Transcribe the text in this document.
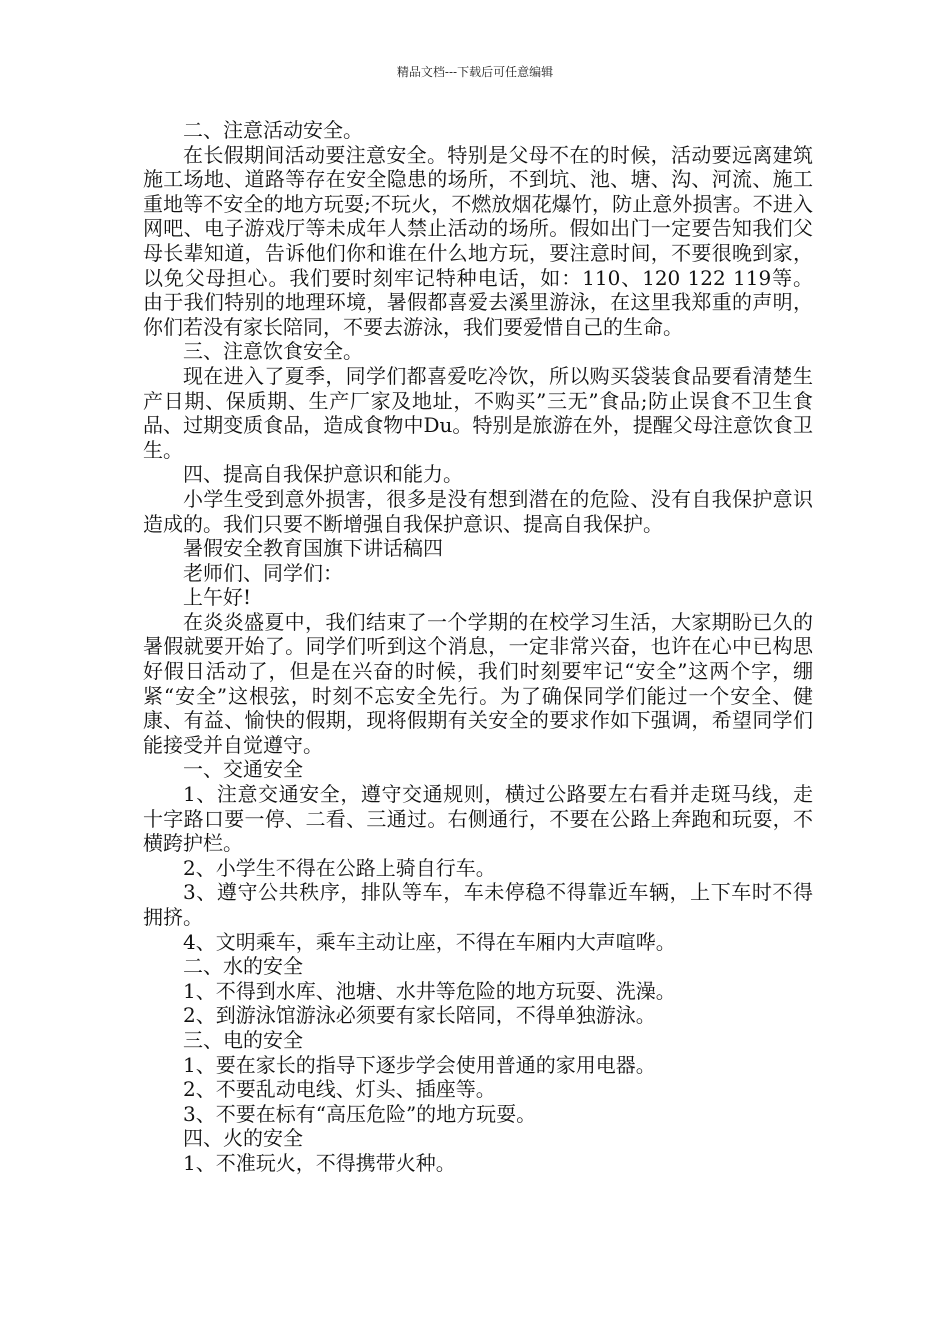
精品文档---下载后可任意编辑

二、注意活动安全。

在长假期间活动要注意安全。特别是父母不在的时候，活动要远离建筑施工场地、道路等存在安全隐患的场所，不到坑、池、塘、沟、河流、施工重地等不安全的地方玩耍;不玩火，不燃放烟花爆竹，防止意外损害。不进入网吧、电子游戏厅等未成年人禁止活动的场所。假如出门一定要告知我们父母长辈知道，告诉他们你和谁在什么地方玩，要注意时间，不要很晚到家，以免父母担心。我们要时刻牢记特种电话，如：110、120 122 119等。 由于我们特别的地理环境，暑假都喜爱去溪里游泳，在这里我郑重的声明，你们若没有家长陪同，不要去游泳，我们要爱惜自己的生命。

三、注意饮食安全。

现在进入了夏季，同学们都喜爱吃冷饮，所以购买袋装食品要看清楚生产日期、保质期、生产厂家及地址，不购买”三无”食品;防止误食不卫生食品、过期变质食品，造成食物中Du。特别是旅游在外，提醒父母注意饮食卫生。

四、提高自我保护意识和能力。

小学生受到意外损害，很多是没有想到潜在的危险、没有自我保护意识造成的。我们只要不断增强自我保护意识、提高自我保护。

暑假安全教育国旗下讲话稿四

老师们、同学们：

上午好!

在炎炎盛夏中，我们结束了一个学期的在校学习生活，大家期盼已久的暑假就要开始了。同学们听到这个消息，一定非常兴奋，也许在心中已构思好假日活动了，但是在兴奋的时候，我们时刻要牢记“安全”这两个字，绷紧“安全”这根弦，时刻不忘安全先行。为了确保同学们能过一个安全、健康、有益、愉快的假期，现将假期有关安全的要求作如下强调，希望同学们能接受并自觉遵守。

一、交通安全

1、注意交通安全，遵守交通规则，横过公路要左右看并走斑马线，走十字路口要一停、二看、三通过。右侧通行，不要在公路上奔跑和玩耍，不横跨护栏。

2、小学生不得在公路上骑自行车。

3、遵守公共秩序，排队等车，车未停稳不得靠近车辆，上下车时不得拥挤。

4、文明乘车，乘车主动让座，不得在车厢内大声喧哗。

二、水的安全

1、不得到水库、池塘、水井等危险的地方玩耍、洗澡。

2、到游泳馆游泳必须要有家长陪同，不得单独游泳。

三、电的安全

1、要在家长的指导下逐步学会使用普通的家用电器。

2、不要乱动电线、灯头、插座等。

3、不要在标有“高压危险”的地方玩耍。

四、火的安全

1、不准玩火，不得携带火种。
